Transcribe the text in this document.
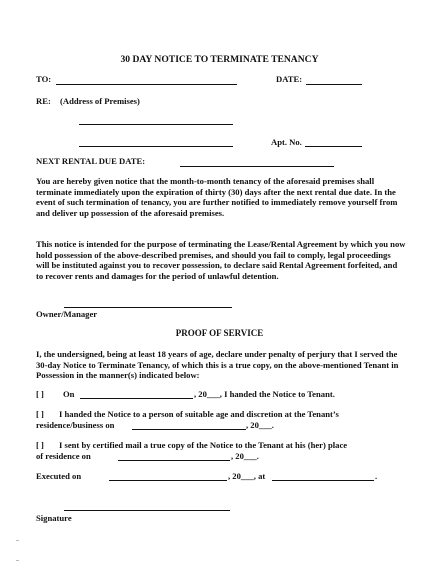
30 DAY NOTICE TO TERMINATE TENANCY
TO:	DATE:
RE: (Address of Premises)
Apt. No.
NEXT RENTAL DUE DATE:
You are hereby given notice that the month-to-month tenancy of the aforesaid premises shall terminate immediately upon the expiration of thirty (30) days after the next rental due date. In the event of such termination of tenancy, you are further notified to immediately remove yourself from and deliver up possession of the aforesaid premises.
This notice is intended for the purpose of terminating the Lease/Rental Agreement by which you now hold possession of the above-described premises, and should you fail to comply, legal proceedings will be instituted against you to recover possession, to declare said Rental Agreement forfeited, and to recover rents and damages for the period of unlawful detention.
Owner/Manager
PROOF OF SERVICE
I, the undersigned, being at least 18 years of age, declare under penalty of perjury that I served the 30-day Notice to Terminate Tenancy, of which this is a true copy, on the above-mentioned Tenant in Possession in the manner(s) indicated below:
[ ] On	, 20___, I handed the Notice to Tenant.
[ ] I handed the Notice to a person of suitable age and discretion at the Tenant’s
residence/business on	, 20___.
[ ] I sent by certified mail a true copy of the Notice to the Tenant at his (her) place
of residence on	, 20___.
Executed on	, 20___, at	.
Signature
